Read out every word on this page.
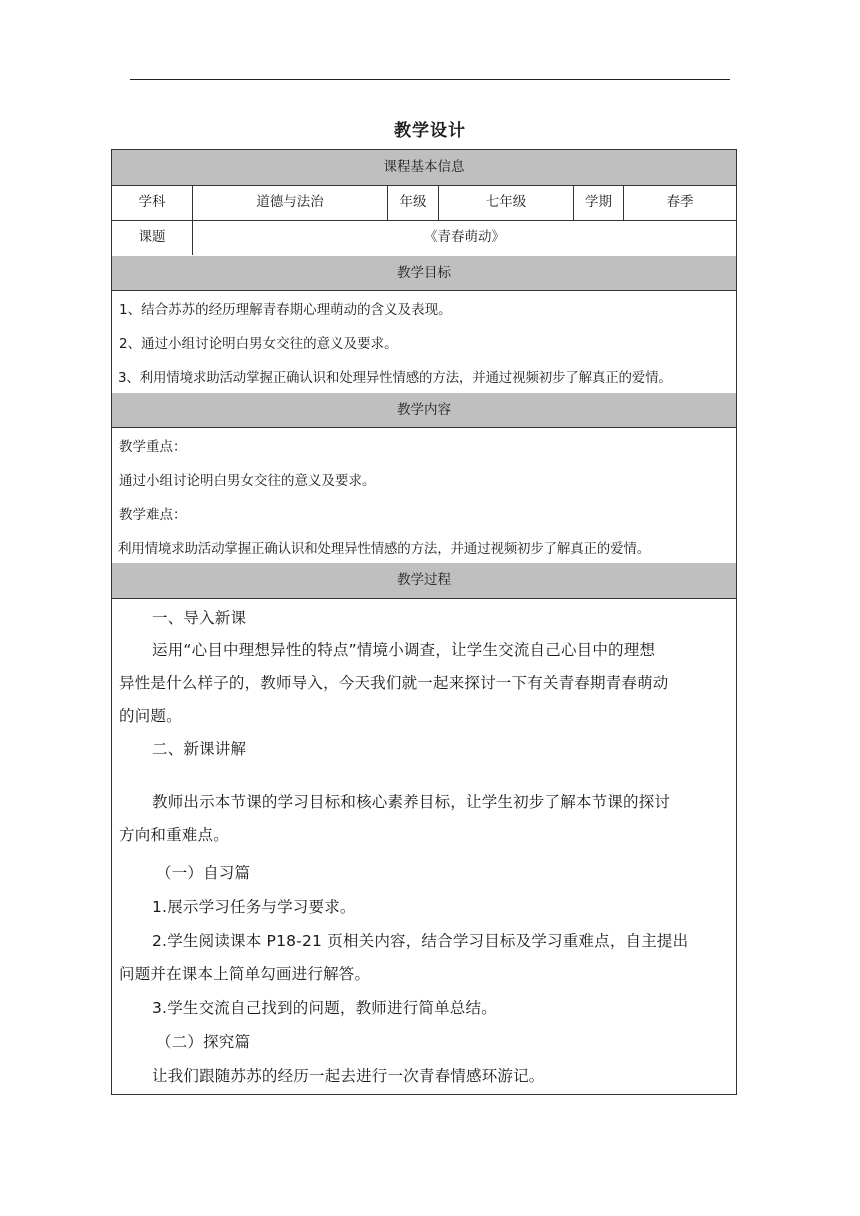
教学设计
课程基本信息
学科	道德与法治	年级	七年级	学期	春季
课题	《青春萌动》
教学目标
1、结合苏苏的经历理解青春期心理萌动的含义及表现。
2、通过小组讨论明白男女交往的意义及要求。
3、利用情境求助活动掌握正确认识和处理异性情感的方法，并通过视频初步了解真正的爱情。
教学内容
教学重点：
通过小组讨论明白男女交往的意义及要求。
教学难点：
利用情境求助活动掌握正确认识和处理异性情感的方法，并通过视频初步了解真正的爱情。
教学过程
一、导入新课
运用“心目中理想异性的特点”情境小调查，让学生交流自己心目中的理想
异性是什么样子的，教师导入，今天我们就一起来探讨一下有关青春期青春萌动
的问题。
二、新课讲解
教师出示本节课的学习目标和核心素养目标，让学生初步了解本节课的探讨
方向和重难点。
（一）自习篇
1.展示学习任务与学习要求。
2.学生阅读课本 P18-21 页相关内容，结合学习目标及学习重难点，自主提出
问题并在课本上简单勾画进行解答。
3.学生交流自己找到的问题，教师进行简单总结。
（二）探究篇
让我们跟随苏苏的经历一起去进行一次青春情感环游记。
